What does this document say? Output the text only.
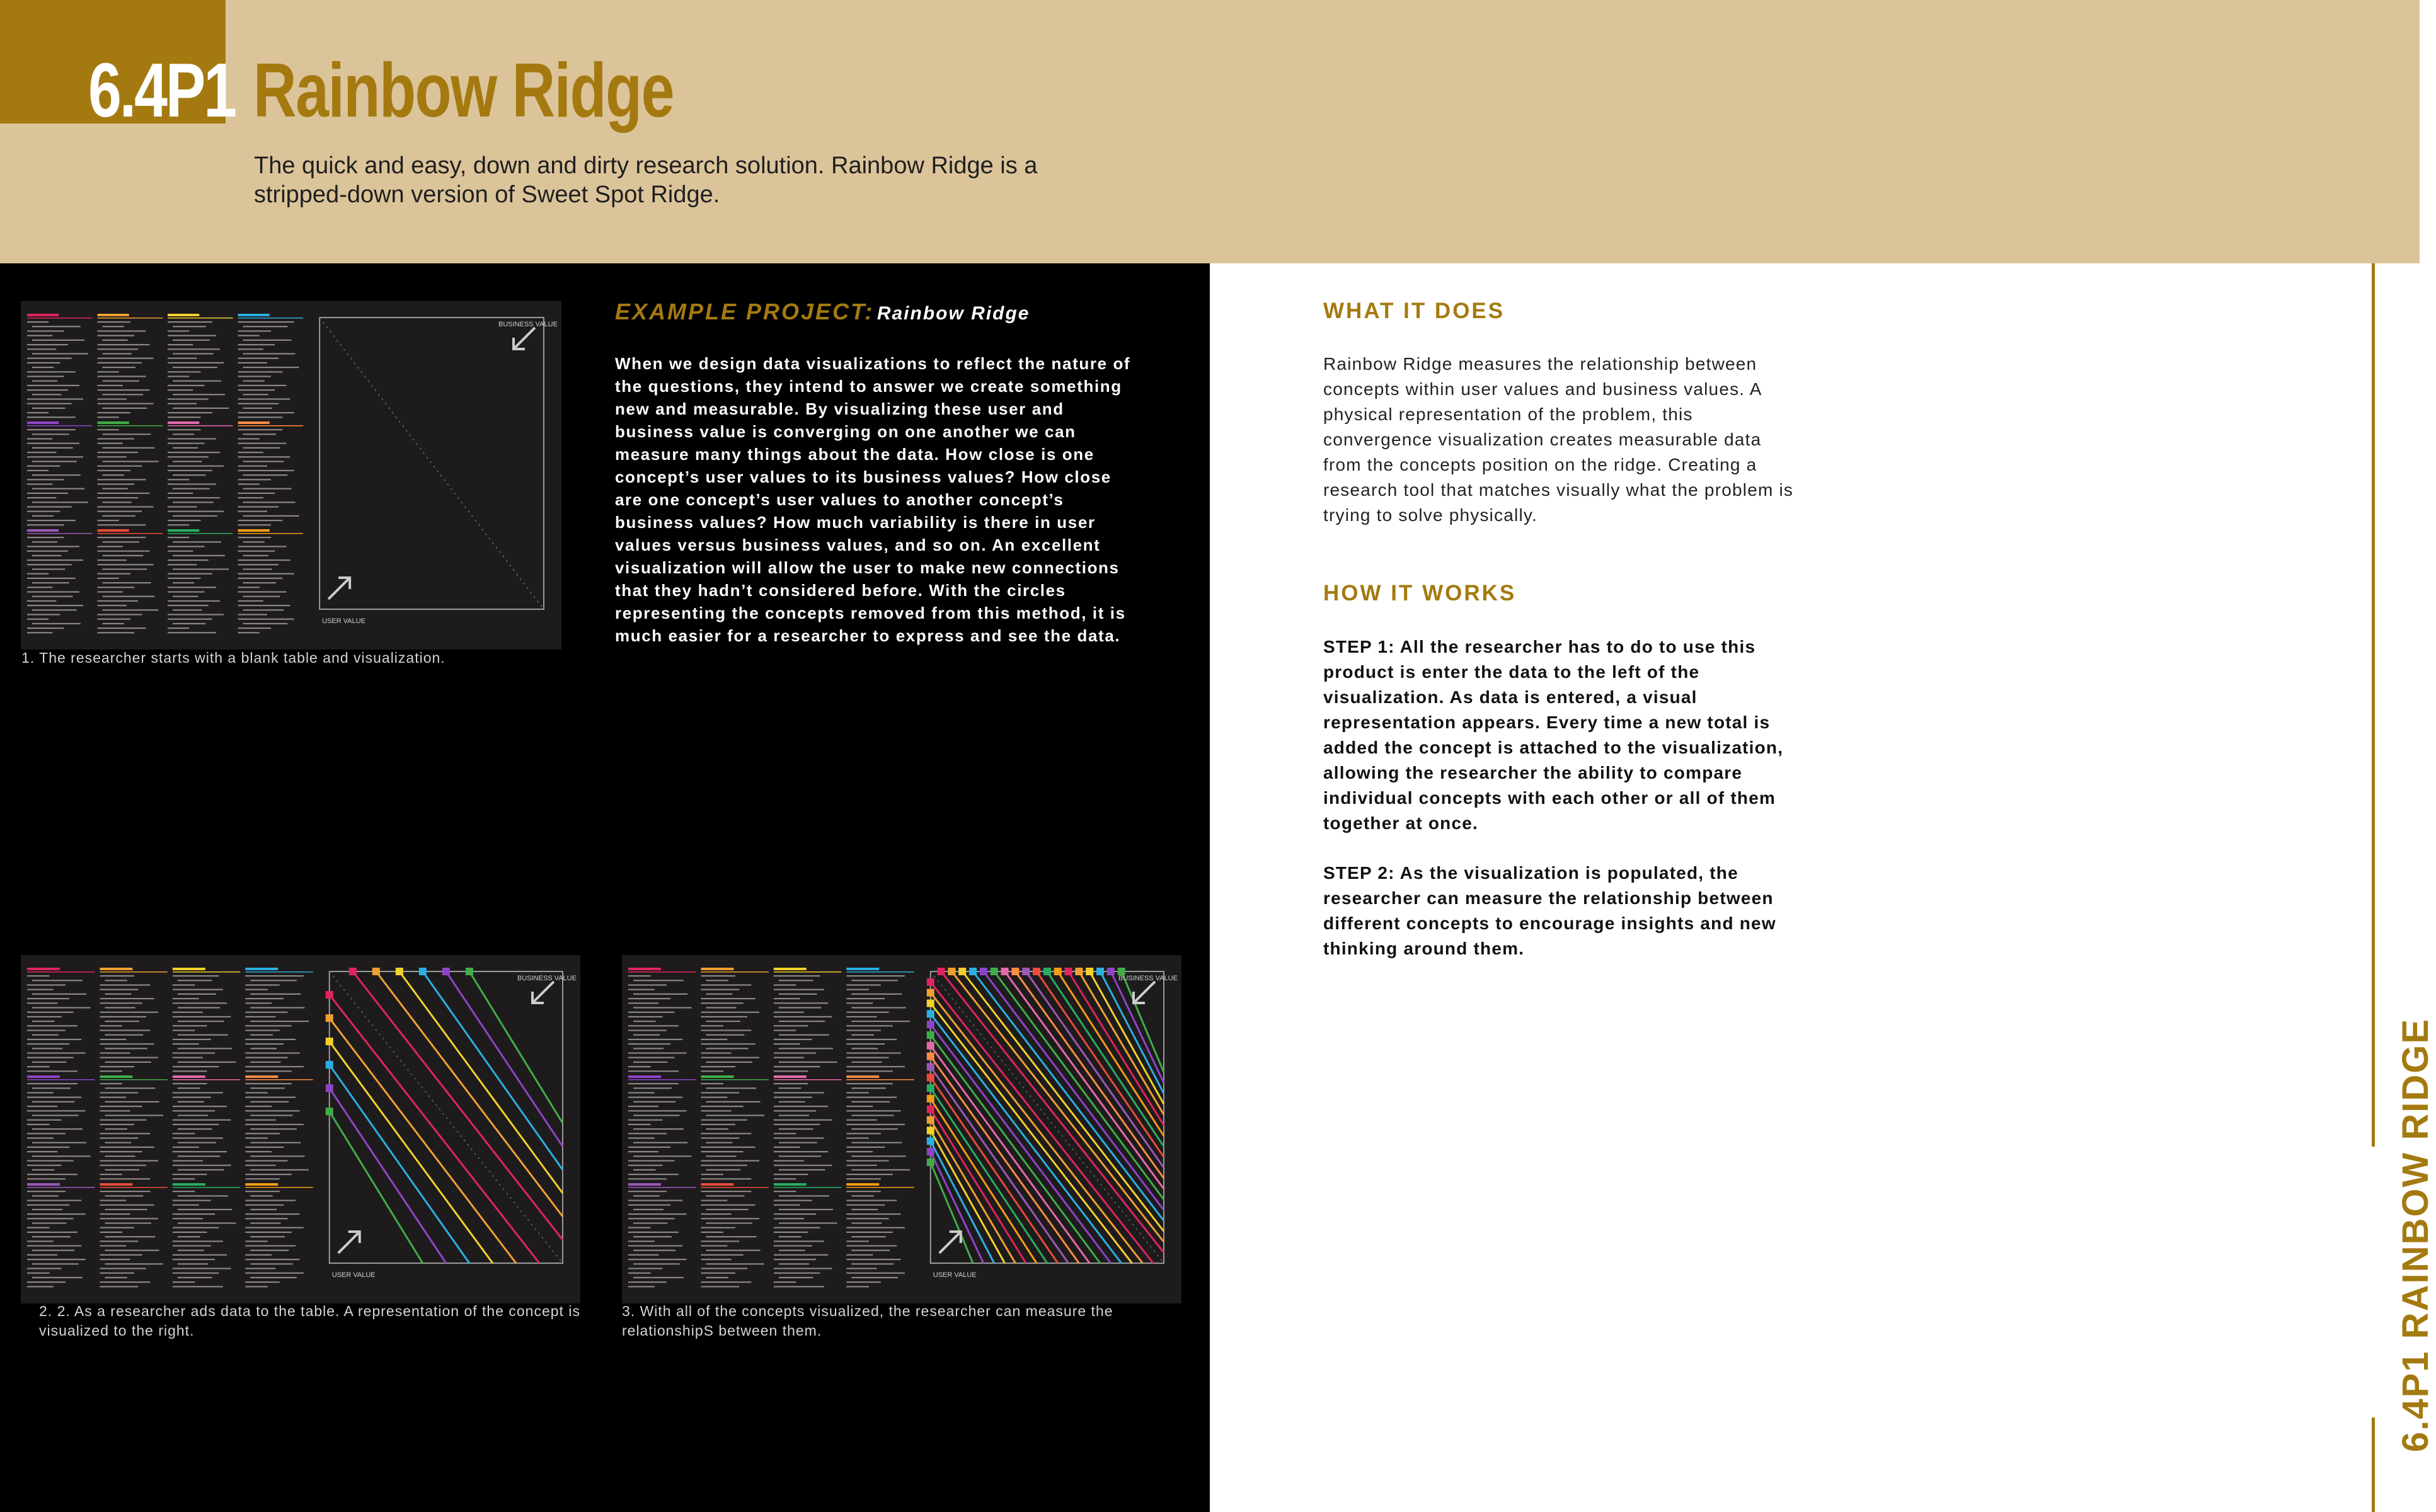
6.4P1 Rainbow Ridge
The quick and easy, down and dirty research solution. Rainbow Ridge is a stripped-down version of Sweet Spot Ridge.
USER VALUE
BUSINESS VALUE
1. The researcher starts with a blank table and visualization.
USER VALUE
BUSINESS VALUE
2. 2. As a researcher ads data to the table. A representation of the concept is visualized to the right.
USER VALUE
BUSINESS VALUE
3. With all of the concepts visualized, the researcher can measure the relationshipS between them.
EXAMPLE PROJECT: Rainbow Ridge
When we design data visualizations to reflect the nature of the questions, they intend to answer we create something new and measurable. By visualizing these user and business value is converging on one another we can measure many things about the data. How close is one concept’s user values to its business values? How close are one concept’s user values to another concept’s business values? How much variability is there in user values versus business values, and so on. An excellent visualization will allow the user to make new connections that they hadn’t considered before. With the circles representing the concepts removed from this method, it is much easier for a researcher to express and see the data.
WHAT IT DOES
Rainbow Ridge measures the relationship between concepts within user values and business values. A physical representation of the problem, this convergence visualization creates measurable data from the concepts position on the ridge. Creating a research tool that matches visually what the problem is trying to solve physically.
HOW IT WORKS
STEP 1: All the researcher has to do to use this product is enter the data to the left of the visualization. As data is entered, a visual representation appears. Every time a new total is added the concept is attached to the visualization, allowing the researcher the ability to compare individual concepts with each other or all of them together at once.
STEP 2: As the visualization is populated, the researcher can measure the relationship between different concepts to encourage insights and new thinking around them.
6.4P1 RAINBOW RIDGE
